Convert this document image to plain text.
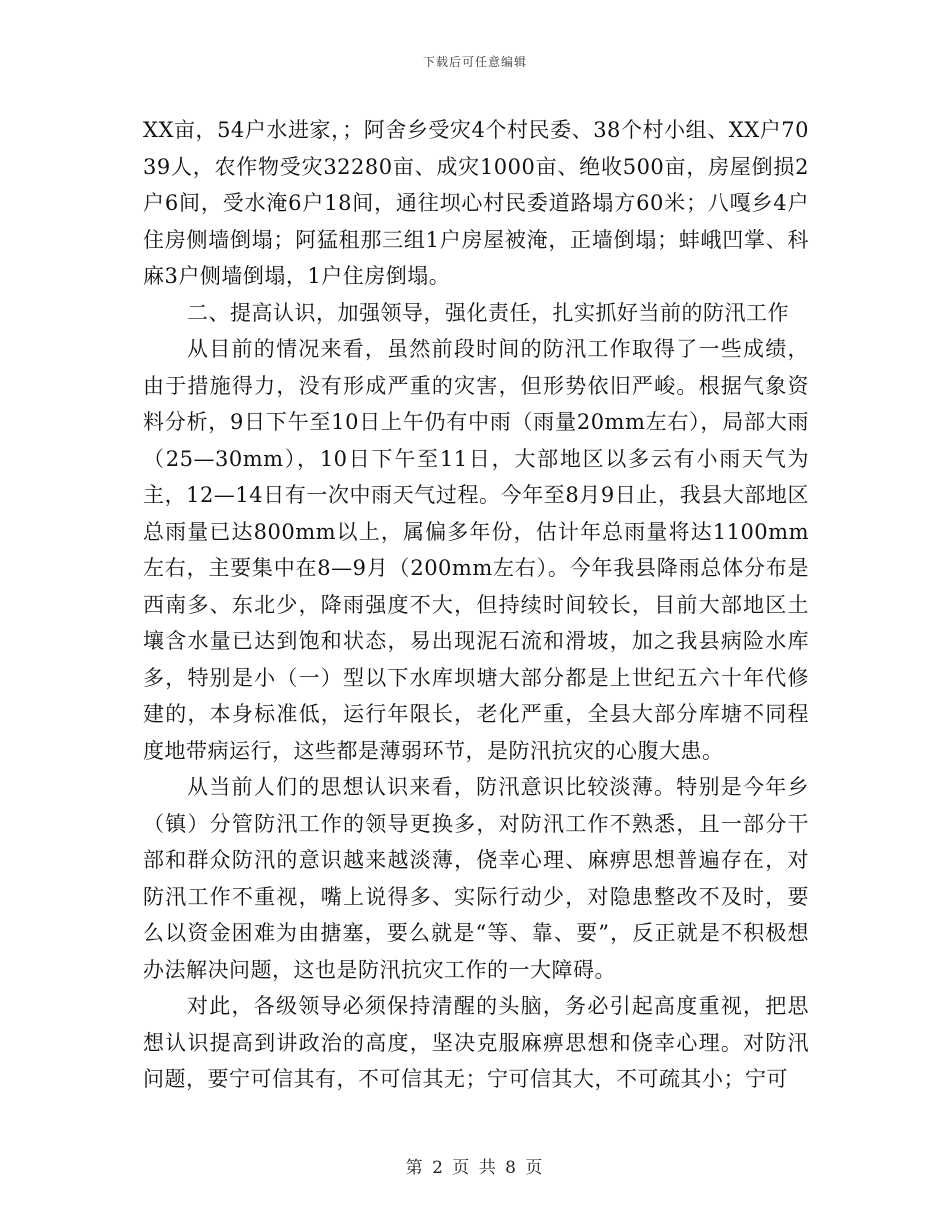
下载后可任意编辑

XX亩，54户水进家，；阿舍乡受灾4个村民委、38个村小组、XX户7039人，农作物受灾32280亩、成灾1000亩、绝收500亩，房屋倒损2户6间，受水淹6户18间，通往坝心村民委道路塌方60米；八嘎乡4户住房侧墙倒塌；阿猛租那三组1户房屋被淹，正墙倒塌；蚌峨凹掌、科麻3户侧墙倒塌，1户住房倒塌。

二、提高认识，加强领导，强化责任，扎实抓好当前的防汛工作

从目前的情况来看，虽然前段时间的防汛工作取得了一些成绩，由于措施得力，没有形成严重的灾害，但形势依旧严峻。根据气象资料分析，9日下午至10日上午仍有中雨（雨量20mm左右），局部大雨（25—30mm），10日下午至11日，大部地区以多云有小雨天气为主，12—14日有一次中雨天气过程。今年至8月9日止，我县大部地区总雨量已达800mm以上，属偏多年份，估计年总雨量将达1100mm左右，主要集中在8—9月（200mm左右）。今年我县降雨总体分布是西南多、东北少，降雨强度不大，但持续时间较长，目前大部地区土壤含水量已达到饱和状态，易出现泥石流和滑坡，加之我县病险水库多，特别是小（一）型以下水库坝塘大部分都是上世纪五六十年代修建的，本身标准低，运行年限长，老化严重，全县大部分库塘不同程度地带病运行，这些都是薄弱环节，是防汛抗灾的心腹大患。

从当前人们的思想认识来看，防汛意识比较淡薄。特别是今年乡（镇）分管防汛工作的领导更换多，对防汛工作不熟悉，且一部分干部和群众防汛的意识越来越淡薄，侥幸心理、麻痹思想普遍存在，对防汛工作不重视，嘴上说得多、实际行动少，对隐患整改不及时，要么以资金困难为由搪塞，要么就是“等、靠、要”，反正就是不积极想办法解决问题，这也是防汛抗灾工作的一大障碍。

对此，各级领导必须保持清醒的头脑，务必引起高度重视，把思想认识提高到讲政治的高度，坚决克服麻痹思想和侥幸心理。对防汛问题，要宁可信其有，不可信其无；宁可信其大，不可疏其小；宁可

第 2 页 共 8 页
